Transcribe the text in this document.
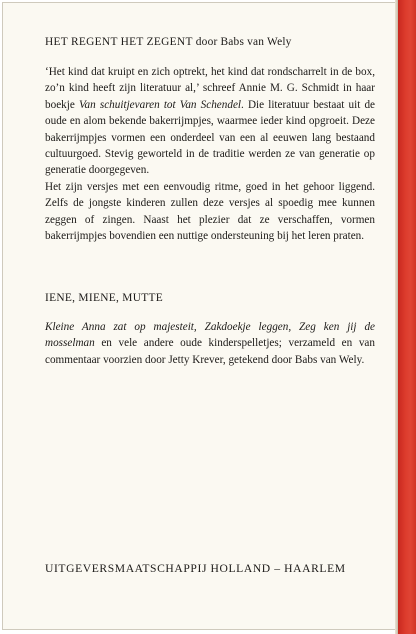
HET REGENT HET ZEGENT door Babs van Wely

‘Het kind dat kruipt en zich optrekt, het kind dat rondscharrelt in de box, zo’n kind heeft zijn literatuur al,’ schreef Annie M. G. Schmidt in haar boekje Van schuitjevaren tot Van Schendel. Die literatuur bestaat uit de oude en alom bekende bakerrijmpjes, waarmee ieder kind opgroeit. Deze bakerrijmpjes vormen een onderdeel van een al eeuwen lang bestaand cultuurgoed. Stevig geworteld in de traditie werden ze van generatie op generatie doorgegeven.

Het zijn versjes met een eenvoudig ritme, goed in het gehoor liggend. Zelfs de jongste kinderen zullen deze versjes al spoedig mee kunnen zeggen of zingen. Naast het plezier dat ze verschaffen, vormen bakerrijmpjes bovendien een nuttige ondersteuning bij het leren praten.

IENE, MIENE, MUTTE

Kleine Anna zat op majesteit, Zakdoekje leggen, Zeg ken jij de mosselman en vele andere oude kinderspelletjes; verzameld en van commentaar voorzien door Jetty Krever, getekend door Babs van Wely.

UITGEVERSMAATSCHAPPIJ HOLLAND – HAARLEM
